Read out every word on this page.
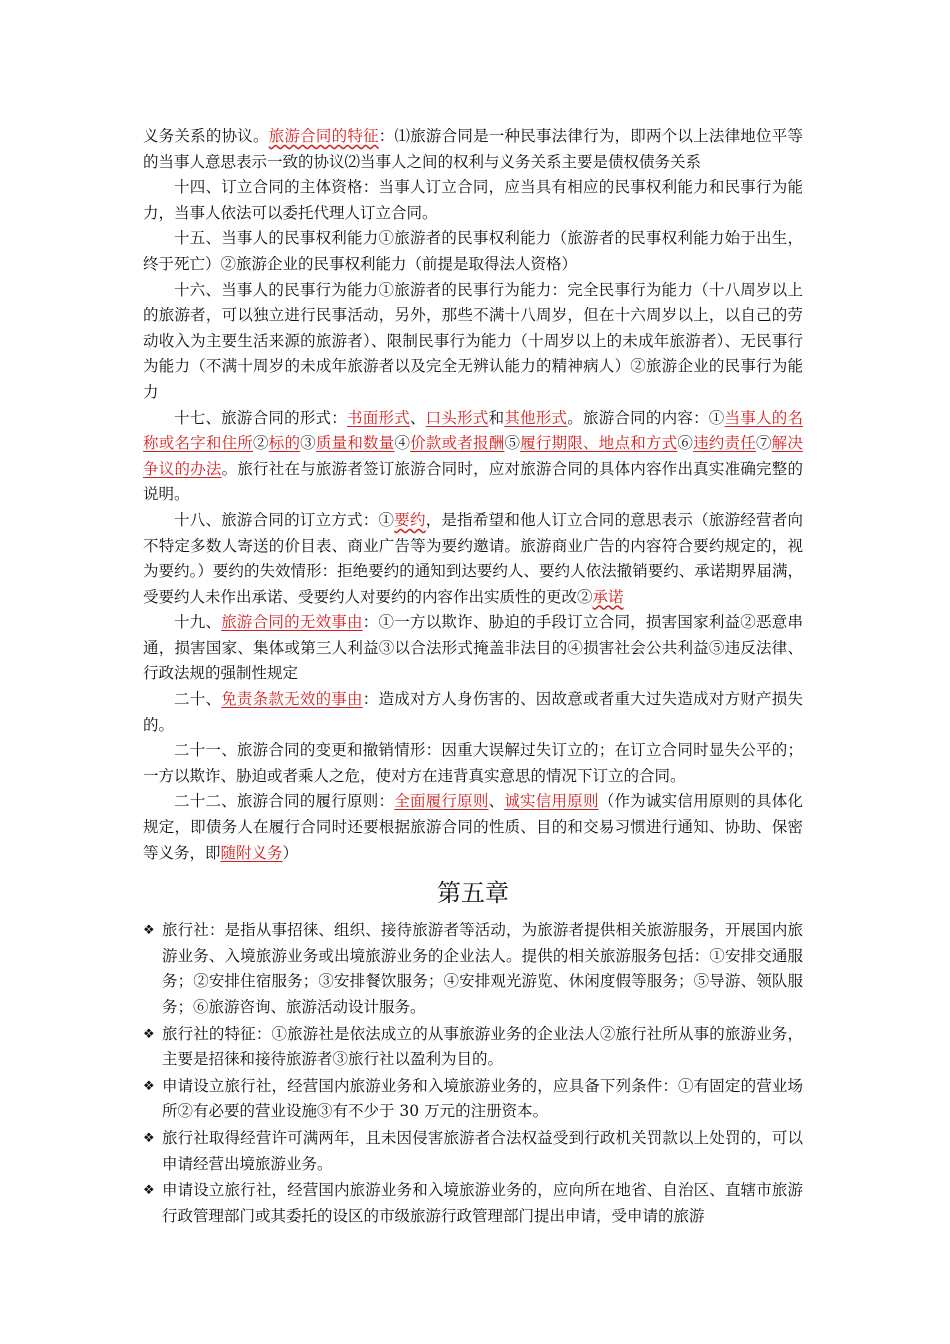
义务关系的协议。旅游合同的特征：⑴旅游合同是一种民事法律行为，即两个以上法律地位平等的当事人意思表示一致的协议⑵当事人之间的权利与义务关系主要是债权债务关系

十四、订立合同的主体资格：当事人订立合同，应当具有相应的民事权利能力和民事行为能力，当事人依法可以委托代理人订立合同。

十五、当事人的民事权利能力①旅游者的民事权利能力（旅游者的民事权利能力始于出生，终于死亡）②旅游企业的民事权利能力（前提是取得法人资格）

十六、当事人的民事行为能力①旅游者的民事行为能力：完全民事行为能力（十八周岁以上的旅游者，可以独立进行民事活动，另外，那些不满十八周岁，但在十六周岁以上，以自己的劳动收入为主要生活来源的旅游者）、限制民事行为能力（十周岁以上的未成年旅游者）、无民事行为能力（不满十周岁的未成年旅游者以及完全无辨认能力的精神病人）②旅游企业的民事行为能力

十七、旅游合同的形式：书面形式、口头形式和其他形式。旅游合同的内容：①当事人的名称或名字和住所②标的③质量和数量④价款或者报酬⑤履行期限、地点和方式⑥违约责任⑦解决争议的办法。旅行社在与旅游者签订旅游合同时，应对旅游合同的具体内容作出真实准确完整的说明。

十八、旅游合同的订立方式：①要约，是指希望和他人订立合同的意思表示（旅游经营者向不特定多数人寄送的价目表、商业广告等为要约邀请。旅游商业广告的内容符合要约规定的，视为要约。）要约的失效情形：拒绝要约的通知到达要约人、要约人依法撤销要约、承诺期界届满，受要约人未作出承诺、受要约人对要约的内容作出实质性的更改②承诺

十九、旅游合同的无效事由：①一方以欺诈、胁迫的手段订立合同，损害国家利益②恶意串通，损害国家、集体或第三人利益③以合法形式掩盖非法目的④损害社会公共利益⑤违反法律、行政法规的强制性规定

二十、免责条款无效的事由：造成对方人身伤害的、因故意或者重大过失造成对方财产损失的。

二十一、旅游合同的变更和撤销情形：因重大误解过失订立的；在订立合同时显失公平的；一方以欺诈、胁迫或者乘人之危，使对方在违背真实意思的情况下订立的合同。

二十二、旅游合同的履行原则：全面履行原则、诚实信用原则（作为诚实信用原则的具体化规定，即债务人在履行合同时还要根据旅游合同的性质、目的和交易习惯进行通知、协助、保密等义务，即随附义务）

第五章
❖ 旅行社：是指从事招徕、组织、接待旅游者等活动，为旅游者提供相关旅游服务，开展国内旅游业务、入境旅游业务或出境旅游业务的企业法人。提供的相关旅游服务包括：①安排交通服务；②安排住宿服务；③安排餐饮服务；④安排观光游览、休闲度假等服务；⑤导游、领队服务；⑥旅游咨询、旅游活动设计服务。
❖ 旅行社的特征：①旅游社是依法成立的从事旅游业务的企业法人②旅行社所从事的旅游业务，主要是招徕和接待旅游者③旅行社以盈利为目的。
❖ 申请设立旅行社，经营国内旅游业务和入境旅游业务的，应具备下列条件：①有固定的营业场所②有必要的营业设施③有不少于 30 万元的注册资本。
❖ 旅行社取得经营许可满两年，且未因侵害旅游者合法权益受到行政机关罚款以上处罚的，可以申请经营出境旅游业务。
❖ 申请设立旅行社，经营国内旅游业务和入境旅游业务的，应向所在地省、自治区、直辖市旅游行政管理部门或其委托的设区的市级旅游行政管理部门提出申请，受申请的旅游
